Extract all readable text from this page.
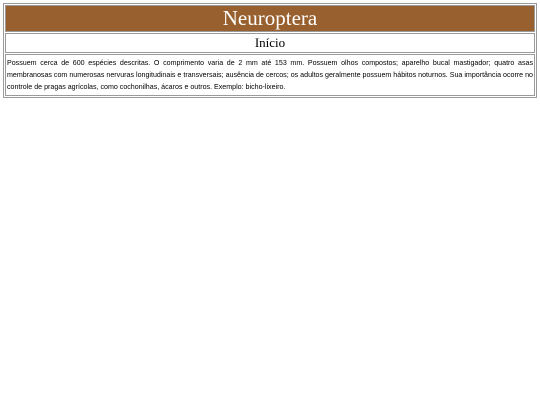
Neuroptera
Início

Possuem cerca de 600 espécies descritas. O comprimento varia de 2 mm até 153 mm. Possuem olhos compostos; aparelho bucal mastigador; quatro asas membranosas com numerosas nervuras longitudinais e transversais; ausência de cercos; os adultos geralmente possuem hábitos noturnos. Sua importância ocorre no controle de pragas agrícolas, como cochonilhas, ácaros e outros. Exemplo: bicho-lixeiro.
